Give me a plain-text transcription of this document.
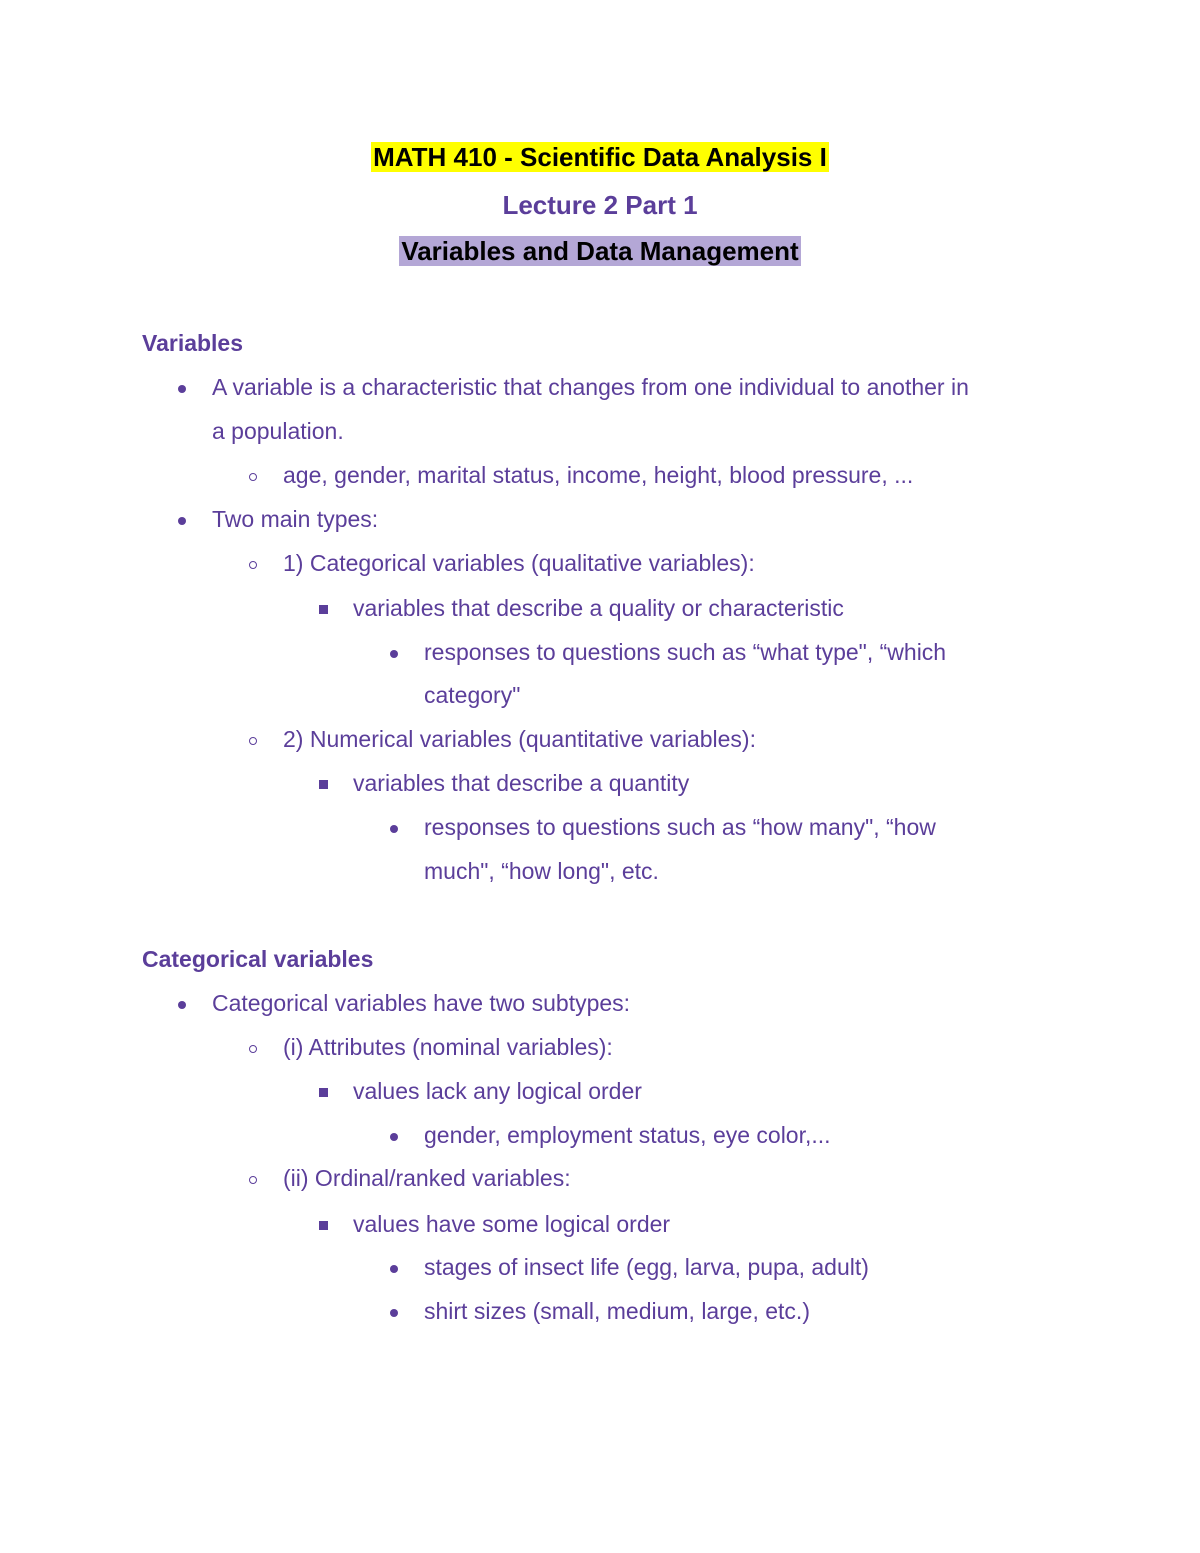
MATH 410 - Scientific Data Analysis I
Lecture 2 Part 1
Variables and Data Management
Variables
A variable is a characteristic that changes from one individual to another in
a population.
age, gender, marital status, income, height, blood pressure, ...
Two main types:
1) Categorical variables (qualitative variables):
variables that describe a quality or characteristic
responses to questions such as “what type", “which
category"
2) Numerical variables (quantitative variables):
variables that describe a quantity
responses to questions such as “how many", “how
much", “how long", etc.
Categorical variables
Categorical variables have two subtypes:
(i) Attributes (nominal variables):
values lack any logical order
gender, employment status, eye color,...
(ii) Ordinal/ranked variables:
values have some logical order
stages of insect life (egg, larva, pupa, adult)
shirt sizes (small, medium, large, etc.)
